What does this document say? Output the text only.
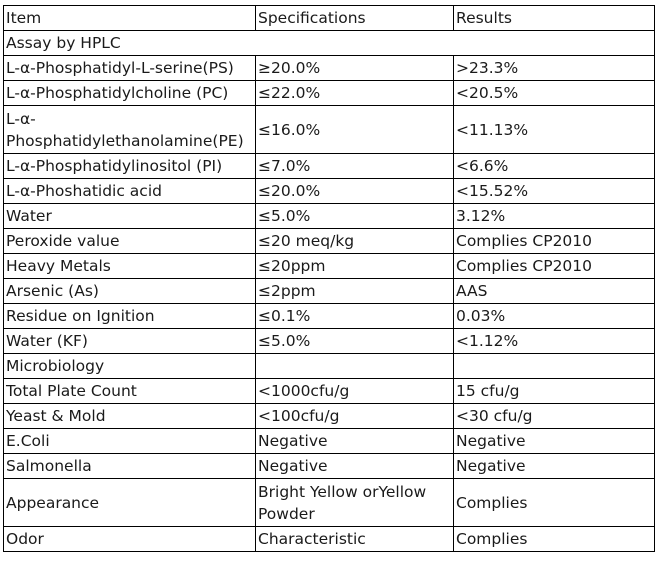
Item	Specifications	Results
Assay by HPLC		
L-α-Phosphatidyl-L-serine(PS)	≥20.0%	>23.3%
L-α-Phosphatidylcholine (PC)	≤22.0%	<20.5%
L-α-Phosphatidylethanolamine(PE)	≤16.0%	<11.13%
L-α-Phosphatidylinositol (PI)	≤7.0%	<6.6%
L-α-Phoshatidic acid	≤20.0%	<15.52%
Water	≤5.0%	3.12%
Peroxide value	≤20 meq/kg	Complies CP2010
Heavy Metals	≤20ppm	Complies CP2010
Arsenic (As)	≤2ppm	AAS
Residue on Ignition	≤0.1%	0.03%
Water (KF)	≤5.0%	<1.12%
Microbiology		
Total Plate Count	<1000cfu/g	15 cfu/g
Yeast & Mold	<100cfu/g	<30 cfu/g
E.Coli	Negative	Negative
Salmonella	Negative	Negative
Appearance	Bright Yellow orYellow Powder	Complies
Odor	Characteristic	Complies
